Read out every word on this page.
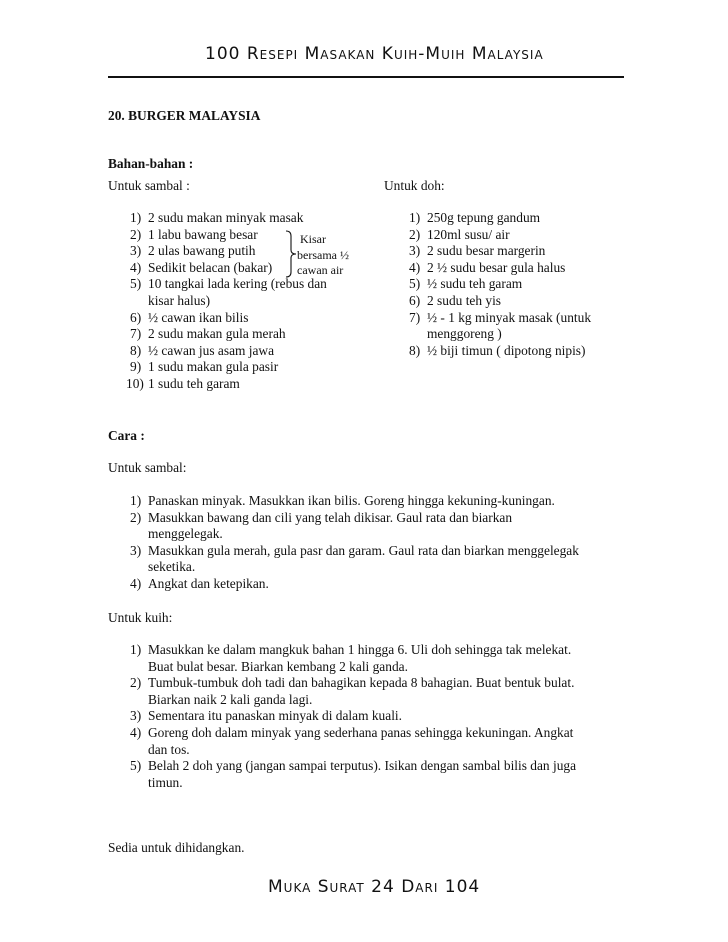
100 Resepi Masakan Kuih-Muih Malaysia
20. BURGER MALAYSIA
Bahan-bahan :
Untuk sambal :	Untuk doh:
1) 2 sudu makan minyak masak
2) 1 labu bawang besar
3) 2 ulas bawang putih
4) Sedikit belacan (bakar)
5) 10 tangkai lada kering (rebus dan
kisar halus)
6) ½ cawan ikan bilis
7) 2 sudu makan gula merah
8) ½ cawan jus asam jawa
9) 1 sudu makan gula pasir
10) 1 sudu teh garam
1) 250g tepung gandum
2) 120ml susu/ air
3) 2 sudu besar margerin
4) 2 ½ sudu besar gula halus
5) ½ sudu teh garam
6) 2 sudu teh yis
7) ½ - 1 kg minyak masak (untuk
menggoreng )
8) ½ biji timun ( dipotong nipis)
Kisar
bersama ½
cawan air
Cara :
Untuk sambal:
1) Panaskan minyak. Masukkan ikan bilis. Goreng hingga kekuning-kuningan.
2) Masukkan bawang dan cili yang telah dikisar. Gaul rata dan biarkan
menggelegak.
3) Masukkan gula merah, gula pasr dan garam. Gaul rata dan biarkan menggelegak
seketika.
4) Angkat dan ketepikan.
Untuk kuih:
1) Masukkan ke dalam mangkuk bahan 1 hingga 6. Uli doh sehingga tak melekat.
Buat bulat besar. Biarkan kembang 2 kali ganda.
2) Tumbuk-tumbuk doh tadi dan bahagikan kepada 8 bahagian. Buat bentuk bulat.
Biarkan naik 2 kali ganda lagi.
3) Sementara itu panaskan minyak di dalam kuali.
4) Goreng doh dalam minyak yang sederhana panas sehingga kekuningan. Angkat
dan tos.
5) Belah 2 doh yang (jangan sampai terputus). Isikan dengan sambal bilis dan juga
timun.
Sedia untuk dihidangkan.
Muka Surat 24 Dari 104
